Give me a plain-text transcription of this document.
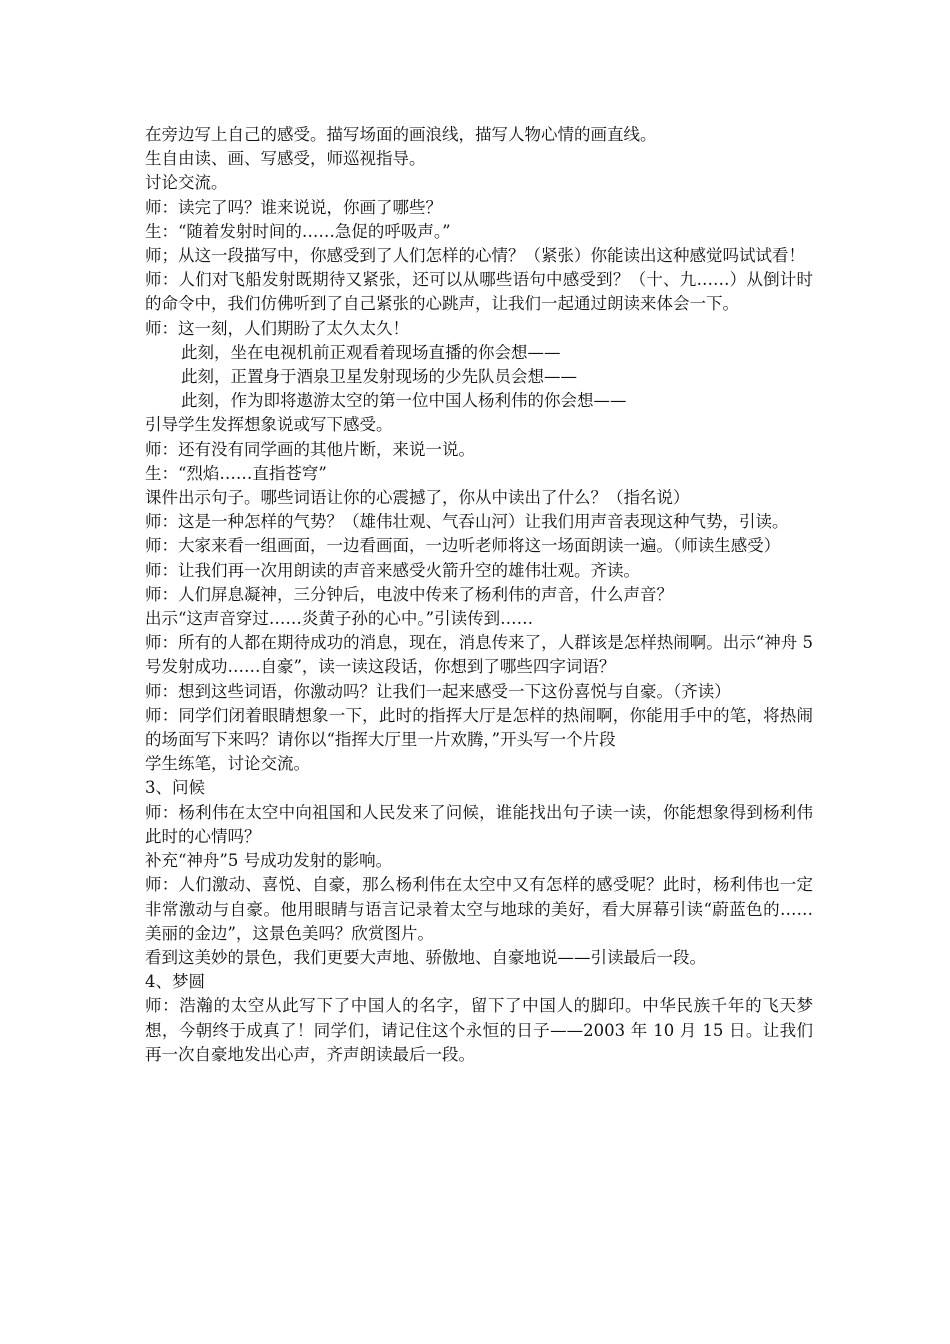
在旁边写上自己的感受。描写场面的画浪线，描写人物心情的画直线。

生自由读、画、写感受，师巡视指导。

讨论交流。

师：读完了吗？谁来说说，你画了哪些？

生：“随着发射时间的……急促的呼吸声。”

师；从这一段描写中，你感受到了人们怎样的心情？（紧张）你能读出这种感觉吗试试看！

师：人们对飞船发射既期待又紧张，还可以从哪些语句中感受到？（十、九……）从倒计时的命令中，我们仿佛听到了自己紧张的心跳声，让我们一起通过朗读来体会一下。

师：这一刻，人们期盼了太久太久！

此刻，坐在电视机前正观看着现场直播的你会想——

此刻，正置身于酒泉卫星发射现场的少先队员会想——

此刻，作为即将遨游太空的第一位中国人杨利伟的你会想——

引导学生发挥想象说或写下感受。

师：还有没有同学画的其他片断，来说一说。

生：“烈焰……直指苍穹”

课件出示句子。哪些词语让你的心震撼了，你从中读出了什么？（指名说）

师：这是一种怎样的气势？（雄伟壮观、气吞山河）让我们用声音表现这种气势，引读。

师：大家来看一组画面，一边看画面，一边听老师将这一场面朗读一遍。（师读生感受）

师：让我们再一次用朗读的声音来感受火箭升空的雄伟壮观。齐读。

师：人们屏息凝神，三分钟后，电波中传来了杨利伟的声音，什么声音？

出示“这声音穿过……炎黄子孙的心中。”引读传到……

师：所有的人都在期待成功的消息，现在，消息传来了，人群该是怎样热闹啊。出示“神舟 5 号发射成功……自豪”，读一读这段话，你想到了哪些四字词语？

师：想到这些词语，你激动吗？让我们一起来感受一下这份喜悦与自豪。（齐读）

师：同学们闭着眼睛想象一下，此时的指挥大厅是怎样的热闹啊，你能用手中的笔，将热闹的场面写下来吗？请你以“指挥大厅里一片欢腾，”开头写一个片段

学生练笔，讨论交流。

3、问候

师：杨利伟在太空中向祖国和人民发来了问候，谁能找出句子读一读，你能想象得到杨利伟此时的心情吗？

补充“神舟”5 号成功发射的影响。

师：人们激动、喜悦、自豪，那么杨利伟在太空中又有怎样的感受呢？此时，杨利伟也一定非常激动与自豪。他用眼睛与语言记录着太空与地球的美好，看大屏幕引读“蔚蓝色的……美丽的金边”，这景色美吗？欣赏图片。

看到这美妙的景色，我们更要大声地、骄傲地、自豪地说——引读最后一段。

4、梦圆

师：浩瀚的太空从此写下了中国人的名字，留下了中国人的脚印。中华民族千年的飞天梦想，今朝终于成真了！同学们，请记住这个永恒的日子——2003 年 10 月 15 日。让我们再一次自豪地发出心声，齐声朗读最后一段。
